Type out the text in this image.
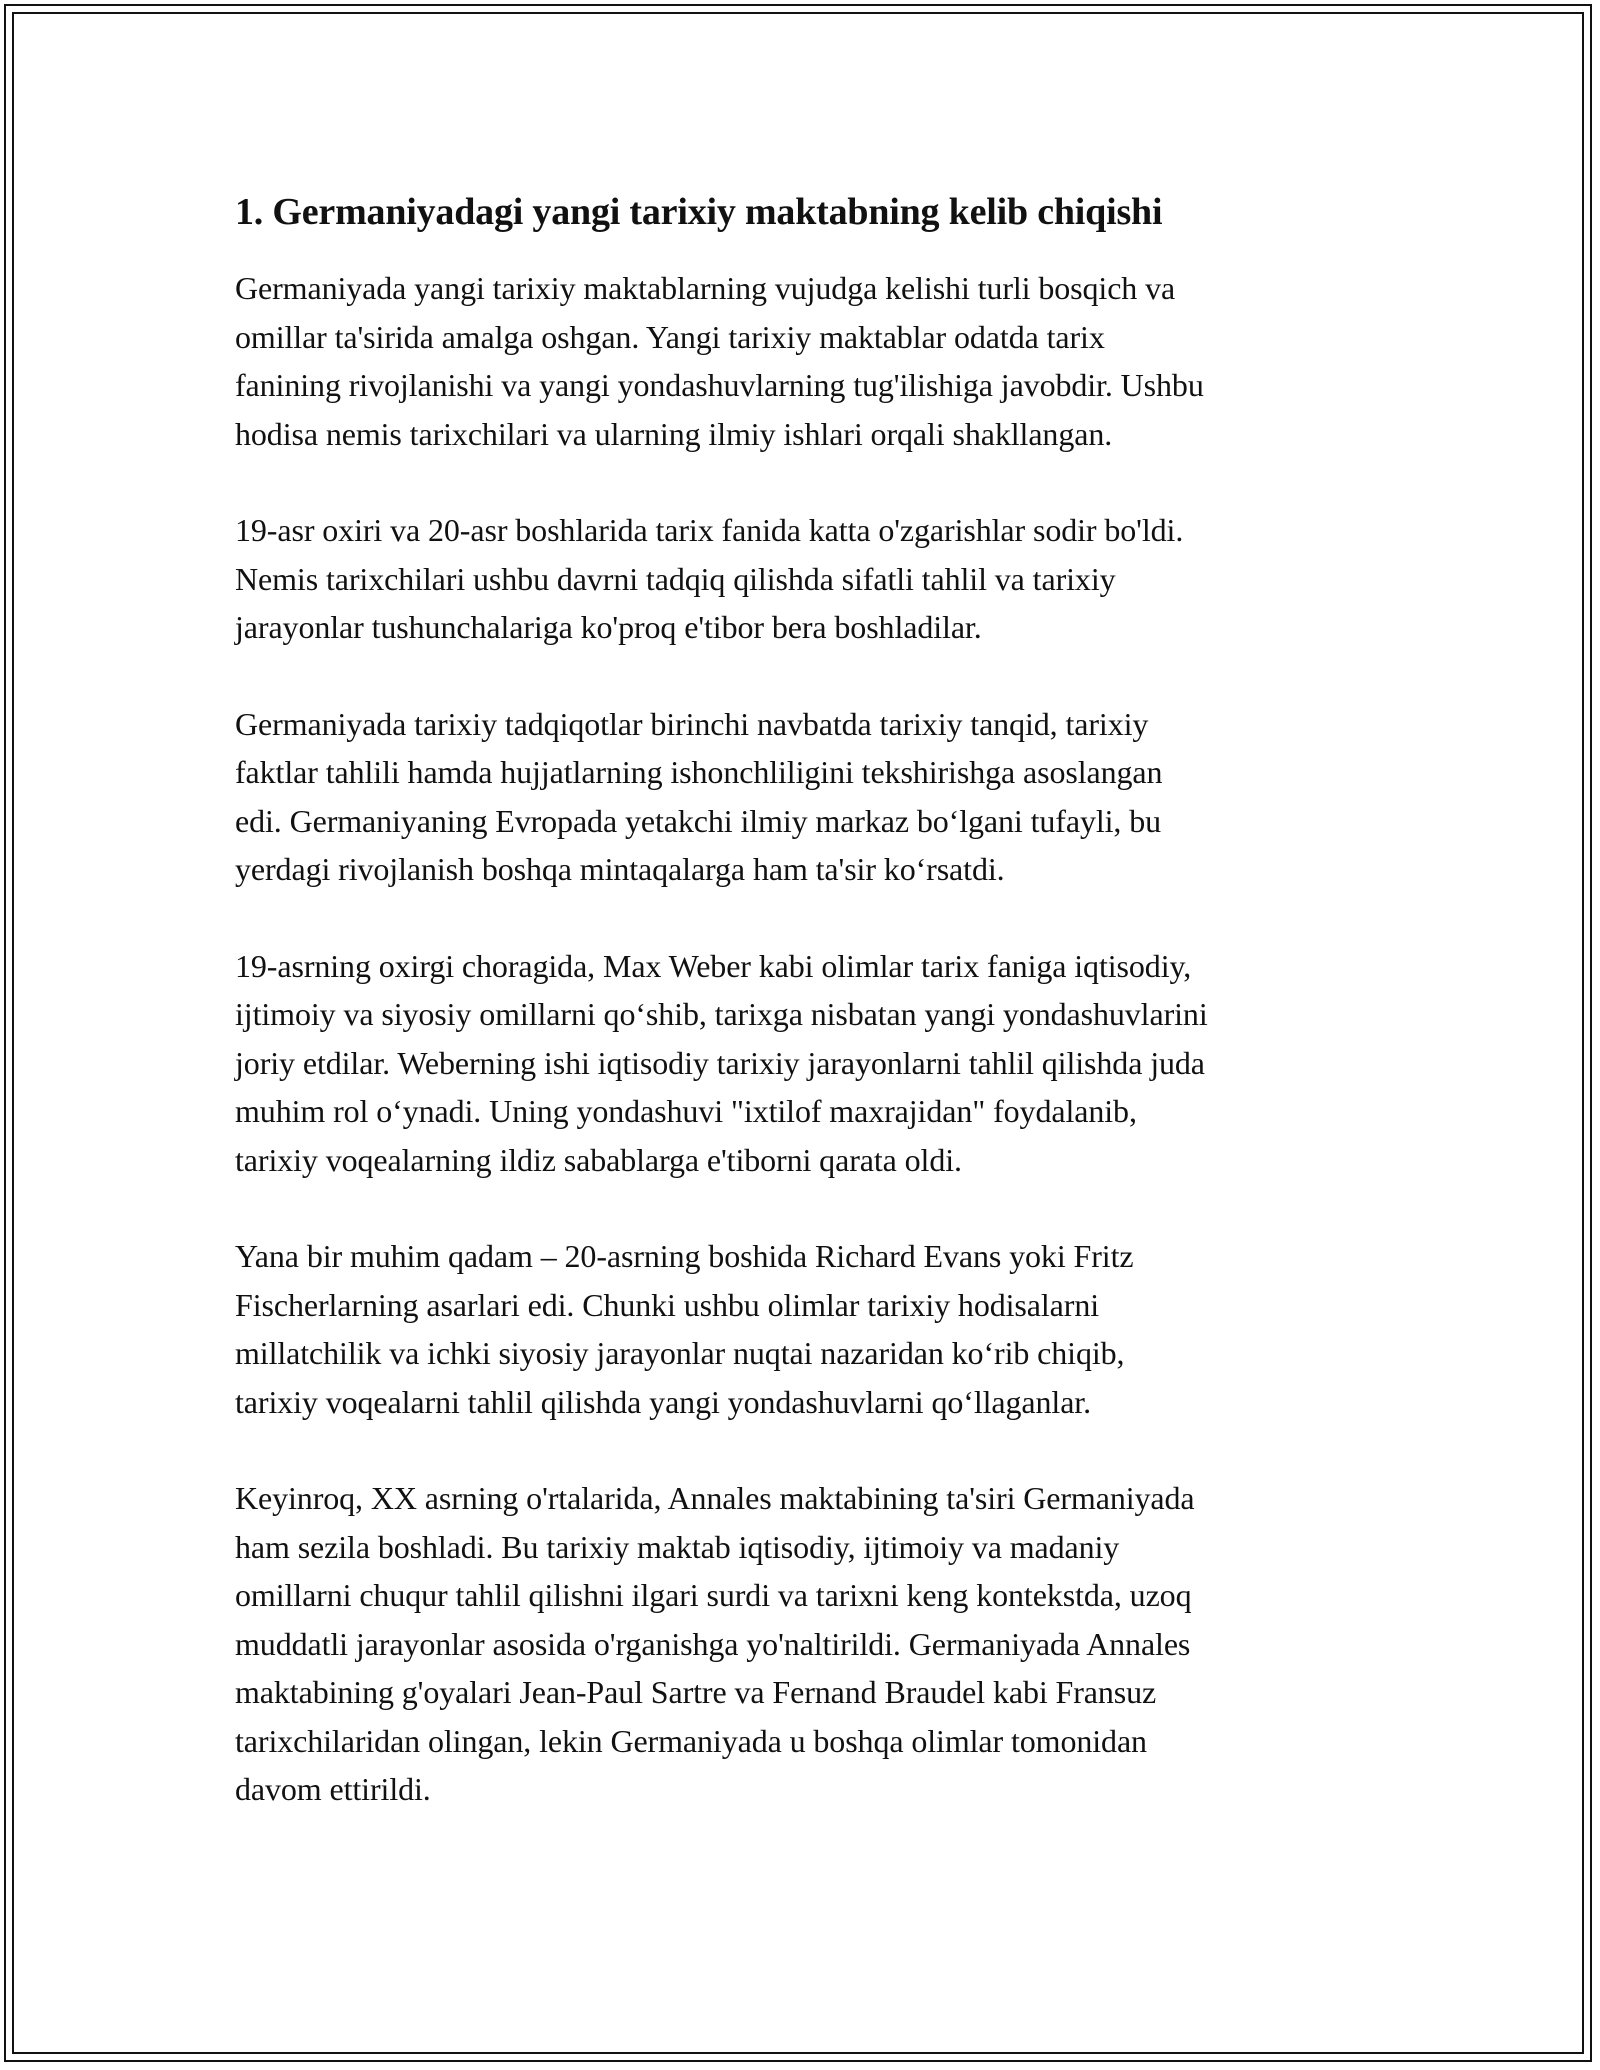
1. Germaniyadagi yangi tarixiy maktabning kelib chiqishi

Germaniyada yangi tarixiy maktablarning vujudga kelishi turli bosqich va
omillar ta'sirida amalga oshgan. Yangi tarixiy maktablar odatda tarix
fanining rivojlanishi va yangi yondashuvlarning tug'ilishiga javobdir. Ushbu
hodisa nemis tarixchilari va ularning ilmiy ishlari orqali shakllangan.

19-asr oxiri va 20-asr boshlarida tarix fanida katta o'zgarishlar sodir bo'ldi.
Nemis tarixchilari ushbu davrni tadqiq qilishda sifatli tahlil va tarixiy
jarayonlar tushunchalariga ko'proq e'tibor bera boshladilar.

Germaniyada tarixiy tadqiqotlar birinchi navbatda tarixiy tanqid, tarixiy
faktlar tahlili hamda hujjatlarning ishonchliligini tekshirishga asoslangan
edi. Germaniyaning Evropada yetakchi ilmiy markaz bo‘lgani tufayli, bu
yerdagi rivojlanish boshqa mintaqalarga ham ta'sir ko‘rsatdi.

19-asrning oxirgi choragida, Max Weber kabi olimlar tarix faniga iqtisodiy,
ijtimoiy va siyosiy omillarni qo‘shib, tarixga nisbatan yangi yondashuvlarini
joriy etdilar. Weberning ishi iqtisodiy tarixiy jarayonlarni tahlil qilishda juda
muhim rol o‘ynadi. Uning yondashuvi "ixtilof maxrajidan" foydalanib,
tarixiy voqealarning ildiz sabablarga e'tiborni qarata oldi.

Yana bir muhim qadam – 20-asrning boshida Richard Evans yoki Fritz
Fischerlarning asarlari edi. Chunki ushbu olimlar tarixiy hodisalarni
millatchilik va ichki siyosiy jarayonlar nuqtai nazaridan ko‘rib chiqib,
tarixiy voqealarni tahlil qilishda yangi yondashuvlarni qo‘llaganlar.

Keyinroq, XX asrning o'rtalarida, Annales maktabining ta'siri Germaniyada
ham sezila boshladi. Bu tarixiy maktab iqtisodiy, ijtimoiy va madaniy
omillarni chuqur tahlil qilishni ilgari surdi va tarixni keng kontekstda, uzoq
muddatli jarayonlar asosida o'rganishga yo'naltirildi. Germaniyada Annales
maktabining g'oyalari Jean-Paul Sartre va Fernand Braudel kabi Fransuz
tarixchilaridan olingan, lekin Germaniyada u boshqa olimlar tomonidan
davom ettirildi.
